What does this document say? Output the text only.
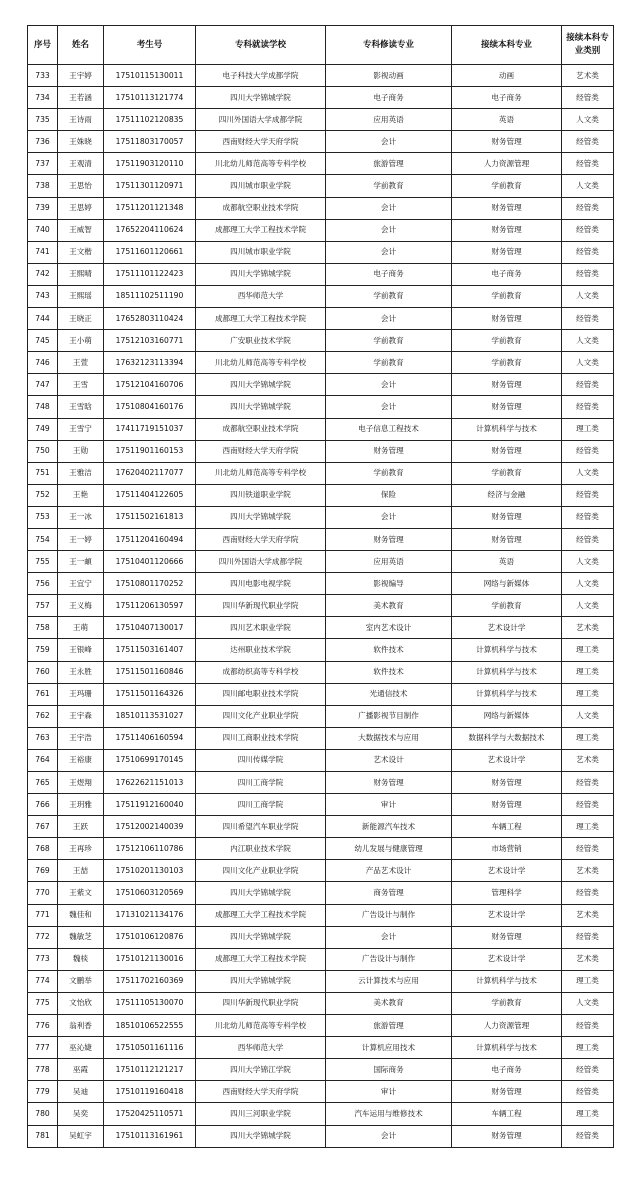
序号	姓名	考生号	专科就读学校	专科修读专业	接续本科专业	接续本科专业类别
733	王宇婷	17510115130011	电子科技大学成都学院	影视动画	动画	艺术类
734	王若涵	17510113121774	四川大学锦城学院	电子商务	电子商务	经管类
735	王诗雨	17511102120835	四川外国语大学成都学院	应用英语	英语	人文类
736	王姝晓	17511803170057	西南财经大学天府学院	会计	财务管理	经管类
737	王观清	17511903120110	川北幼儿师范高等专科学校	旅游管理	人力资源管理	经管类
738	王思怡	17511301120971	四川城市职业学院	学前教育	学前教育	人文类
739	王思婷	17511201121348	成都航空职业技术学院	会计	财务管理	经管类
740	王威智	17652204110624	成都理工大学工程技术学院	会计	财务管理	经管类
741	王文楷	17511601120661	四川城市职业学院	会计	财务管理	经管类
742	王熙晴	17511101122423	四川大学锦城学院	电子商务	电子商务	经管类
743	王熙瑶	18511102511190	西华师范大学	学前教育	学前教育	人文类
744	王晓正	17652803110424	成都理工大学工程技术学院	会计	财务管理	经管类
745	王小萌	17512103160771	广安职业技术学院	学前教育	学前教育	人文类
746	王萱	17632123113394	川北幼儿师范高等专科学校	学前教育	学前教育	人文类
747	王雪	17512104160706	四川大学锦城学院	会计	财务管理	经管类
748	王雪晗	17510804160176	四川大学锦城学院	会计	财务管理	经管类
749	王雪宁	17411719151037	成都航空职业技术学院	电子信息工程技术	计算机科学与技术	理工类
750	王勋	17511901160153	西南财经大学天府学院	财务管理	财务管理	经管类
751	王雅洁	17620402117077	川北幼儿师范高等专科学校	学前教育	学前教育	人文类
752	王艳	17511404122605	四川铁道职业学院	保险	经济与金融	经管类
753	王一冰	17511502161813	四川大学锦城学院	会计	财务管理	经管类
754	王一婷	17511204160494	西南财经大学天府学院	财务管理	财务管理	经管类
755	王一頔	17510401120666	四川外国语大学成都学院	应用英语	英语	人文类
756	王宜宁	17510801170252	四川电影电视学院	影视编导	网络与新媒体	人文类
757	王义梅	17511206130597	四川华新现代职业学院	美术教育	学前教育	人文类
758	王萌	17510407130017	四川艺术职业学院	室内艺术设计	艺术设计学	艺术类
759	王银峰	17511503161407	达州职业技术学院	软件技术	计算机科学与技术	理工类
760	王永胜	17511501160846	成都纺织高等专科学校	软件技术	计算机科学与技术	理工类
761	王玛珊	17511501164326	四川邮电职业技术学院	光通信技术	计算机科学与技术	理工类
762	王宇森	18510113531027	四川文化产业职业学院	广播影视节目制作	网络与新媒体	人文类
763	王宇浩	17511406160594	四川工商职业技术学院	大数据技术与应用	数据科学与大数据技术	理工类
764	王裕康	17510699170145	四川传媒学院	艺术设计	艺术设计学	艺术类
765	王煜翔	17622621151013	四川工商学院	财务管理	财务管理	经管类
766	王玥雅	17511912160040	四川工商学院	审计	财务管理	经管类
767	王跃	17512002140039	四川希望汽车职业学院	新能源汽车技术	车辆工程	理工类
768	王再珍	17512106110786	内江职业技术学院	幼儿发展与健康管理	市场营销	经管类
769	王喆	17510201130103	四川文化产业职业学院	产品艺术设计	艺术设计学	艺术类
770	王紫文	17510603120569	四川大学锦城学院	商务管理	管理科学	经管类
771	魏佳和	17131021134176	成都理工大学工程技术学院	广告设计与制作	艺术设计学	艺术类
772	魏敏芝	17510106120876	四川大学锦城学院	会计	财务管理	经管类
773	魏棪	17510121130016	成都理工大学工程技术学院	广告设计与制作	艺术设计学	艺术类
774	文鹏举	17511702160369	四川大学锦城学院	云计算技术与应用	计算机科学与技术	理工类
775	文怡欣	17511105130070	四川华新现代职业学院	美术教育	学前教育	人文类
776	翁利香	18510106522555	川北幼儿师范高等专科学校	旅游管理	人力资源管理	经管类
777	巫沁婕	17510501161116	西华师范大学	计算机应用技术	计算机科学与技术	理工类
778	巫霞	17510112121217	四川大学锦江学院	国际商务	电子商务	经管类
779	吴迪	17510119160418	西南财经大学天府学院	审计	财务管理	经管类
780	吴奕	17520425110571	四川三河职业学院	汽车运用与维修技术	车辆工程	理工类
781	吴虹宇	17510113161961	四川大学锦城学院	会计	财务管理	经管类
